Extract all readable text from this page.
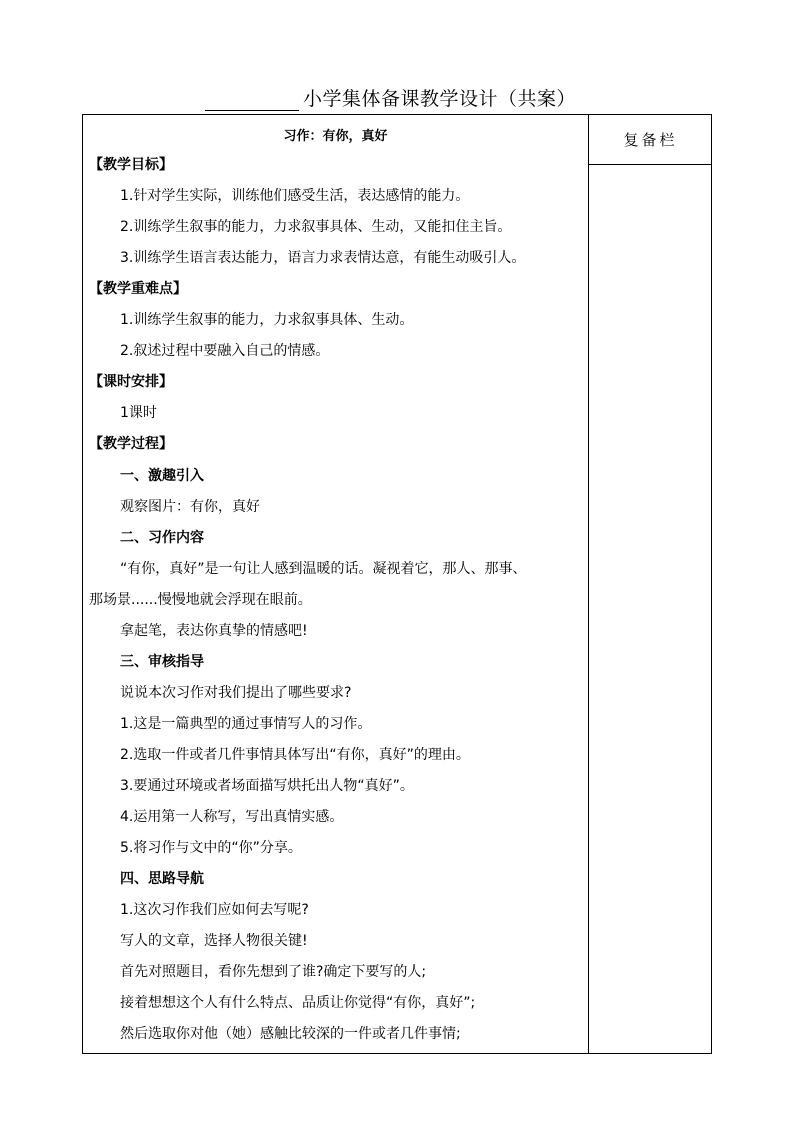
小学集体备课教学设计（共案）
复备栏
习作：有你，真好
【教学目标】
1.针对学生实际，训练他们感受生活，表达感情的能力。
2.训练学生叙事的能力，力求叙事具体、生动，又能扣住主旨。
3.训练学生语言表达能力，语言力求表情达意，有能生动吸引人。
【教学重难点】
1.训练学生叙事的能力，力求叙事具体、生动。
2.叙述过程中要融入自己的情感。
【课时安排】
1课时
【教学过程】
一、激趣引入
观察图片：有你，真好
二、习作内容
“有你，真好”是一句让人感到温暖的话。凝视着它，那人、那事、
那场景......慢慢地就会浮现在眼前。
拿起笔，表达你真挚的情感吧!
三、审核指导
说说本次习作对我们提出了哪些要求?
1.这是一篇典型的通过事情写人的习作。
2.选取一件或者几件事情具体写出“有你，真好”的理由。
3.要通过环境或者场面描写烘托出人物“真好”。
4.运用第一人称写，写出真情实感。
5.将习作与文中的“你”分享。
四、思路导航
1.这次习作我们应如何去写呢?
写人的文章，选择人物很关键!
首先对照题目，看你先想到了谁?确定下要写的人;
接着想想这个人有什么特点、品质让你觉得“有你，真好”;
然后选取你对他（她）感触比较深的一件或者几件事情;
